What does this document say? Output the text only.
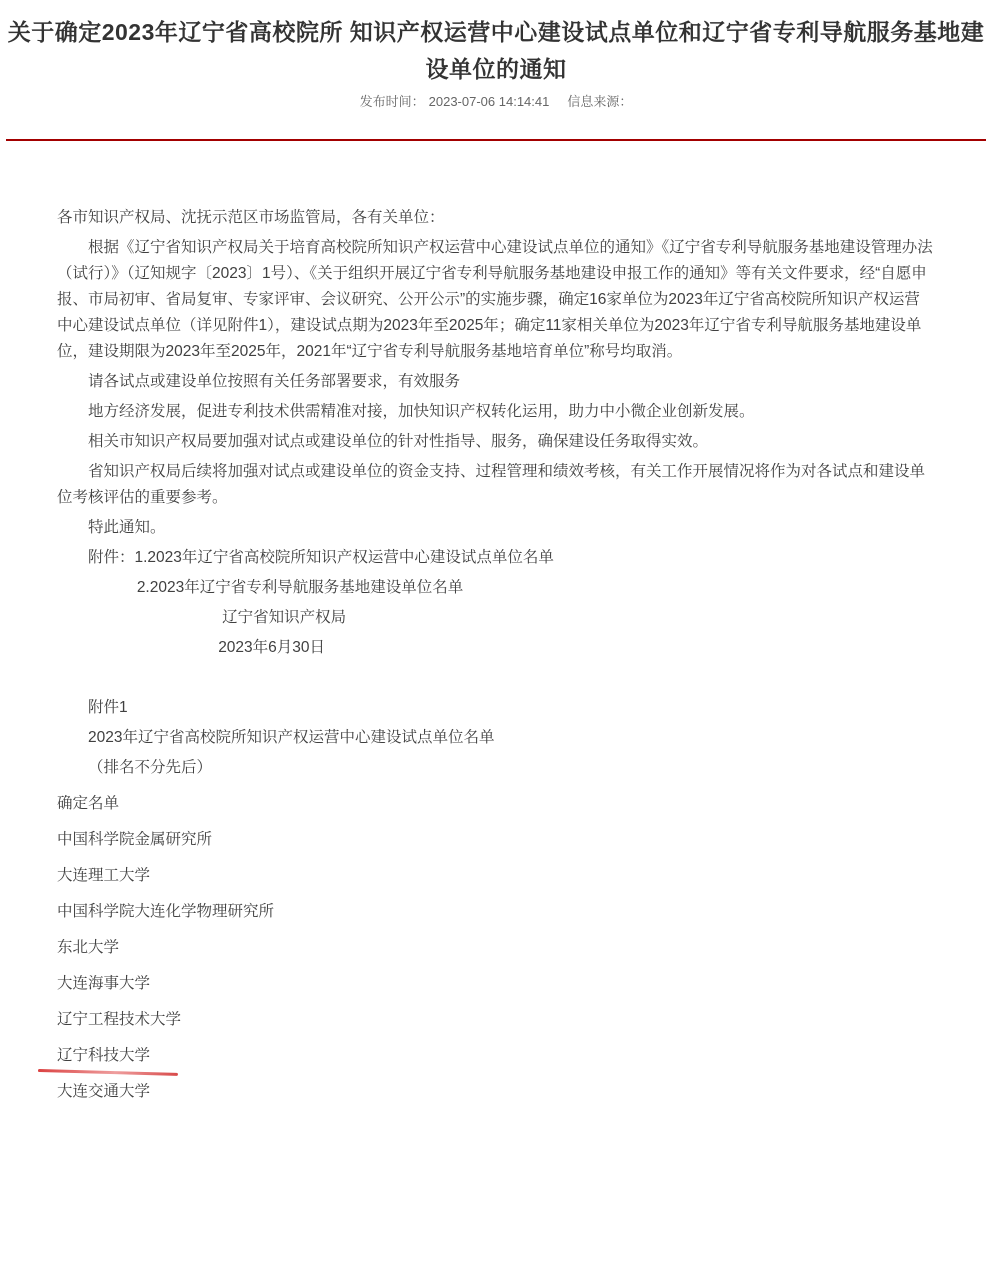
关于确定2023年辽宁省高校院所 知识产权运营中心建设试点单位和辽宁省专利导航服务基地建设单位的通知
发布时间： 2023-07-06 14:14:41 信息来源：

各市知识产权局、沈抚示范区市场监管局，各有关单位：

根据《辽宁省知识产权局关于培育高校院所知识产权运营中心建设试点单位的通知》《辽宁省专利导航服务基地建设管理办法（试行）》（辽知规字〔2023〕1号）、《关于组织开展辽宁省专利导航服务基地建设申报工作的通知》等有关文件要求，经“自愿申报、市局初审、省局复审、专家评审、会议研究、公开公示”的实施步骤，确定16家单位为2023年辽宁省高校院所知识产权运营中心建设试点单位（详见附件1），建设试点期为2023年至2025年；确定11家相关单位为2023年辽宁省专利导航服务基地建设单位，建设期限为2023年至2025年，2021年“辽宁省专利导航服务基地培育单位”称号均取消。

请各试点或建设单位按照有关任务部署要求，有效服务

地方经济发展，促进专利技术供需精准对接，加快知识产权转化运用，助力中小微企业创新发展。

相关市知识产权局要加强对试点或建设单位的针对性指导、服务，确保建设任务取得实效。

省知识产权局后续将加强对试点或建设单位的资金支持、过程管理和绩效考核，有关工作开展情况将作为对各试点和建设单位考核评估的重要参考。

特此通知。

附件：1.2023年辽宁省高校院所知识产权运营中心建设试点单位名单

2.2023年辽宁省专利导航服务基地建设单位名单

辽宁省知识产权局

2023年6月30日

附件1

2023年辽宁省高校院所知识产权运营中心建设试点单位名单

（排名不分先后）

确定名单

中国科学院金属研究所

大连理工大学

中国科学院大连化学物理研究所

东北大学

大连海事大学

辽宁工程技术大学

辽宁科技大学

大连交通大学
